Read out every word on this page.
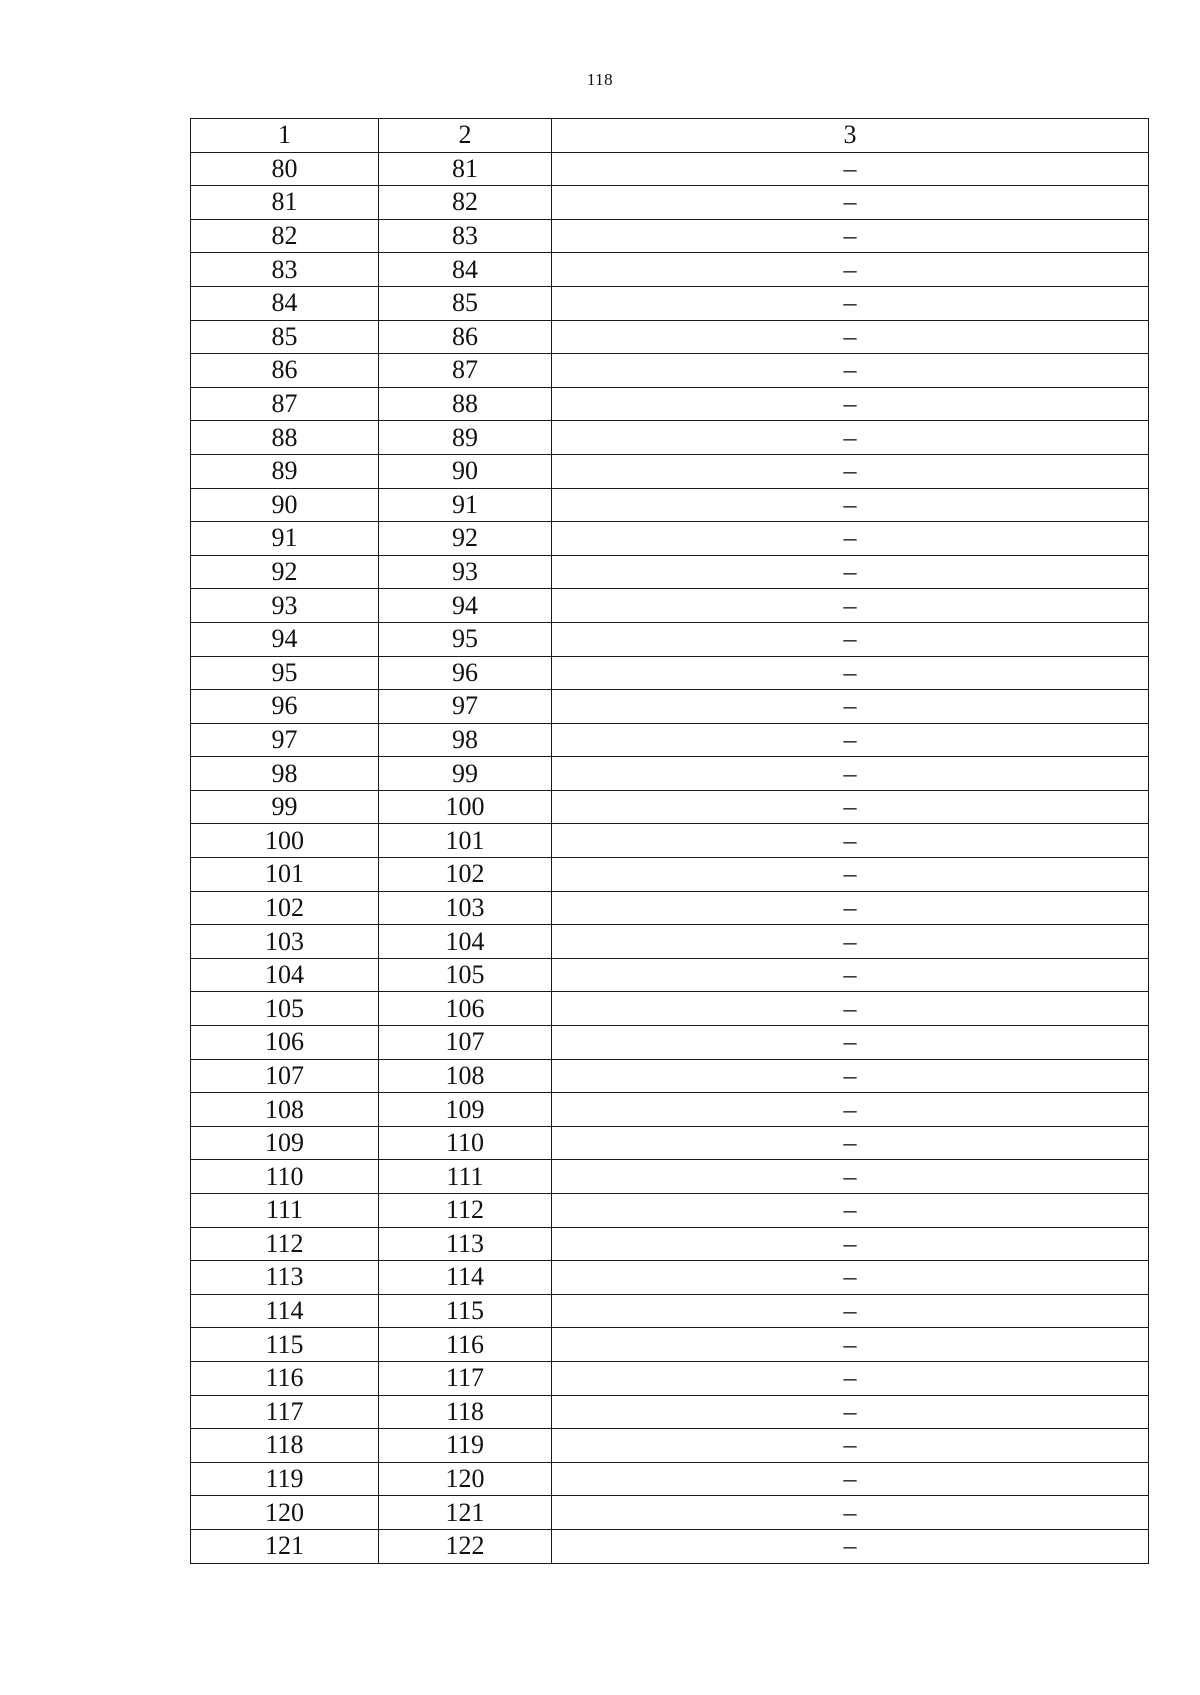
118
1	2	3
80	81	–
81	82	–
82	83	–
83	84	–
84	85	–
85	86	–
86	87	–
87	88	–
88	89	–
89	90	–
90	91	–
91	92	–
92	93	–
93	94	–
94	95	–
95	96	–
96	97	–
97	98	–
98	99	–
99	100	–
100	101	–
101	102	–
102	103	–
103	104	–
104	105	–
105	106	–
106	107	–
107	108	–
108	109	–
109	110	–
110	111	–
111	112	–
112	113	–
113	114	–
114	115	–
115	116	–
116	117	–
117	118	–
118	119	–
119	120	–
120	121	–
121	122	–
